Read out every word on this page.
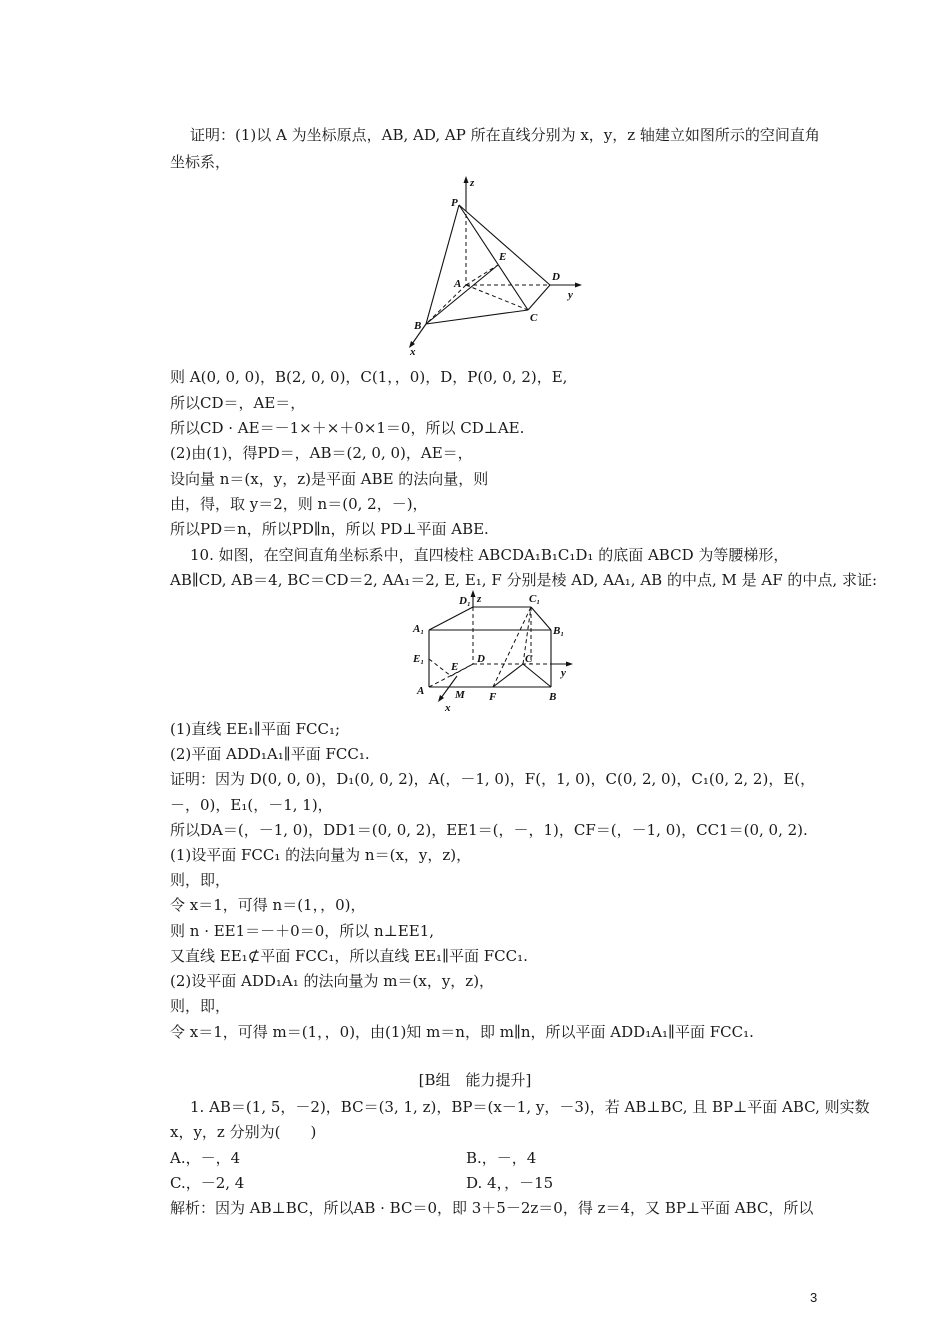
证明：(1)以 A 为坐标原点，AB, AD, AP 所在直线分别为 x，y，z 轴建立如图所示的空间直角
坐标系，
z
P
E
D
y
A
C
B
x
则 A(0, 0, 0)，B(2, 0, 0)，C(1，，0)，D，P(0, 0, 2)，E,
所以CD＝，AE＝，
所以CD · AE＝－1×＋×＋0×1＝0，所以 CD⊥AE.
(2)由(1)，得PD＝，AB＝(2, 0, 0)，AE＝，
设向量 n＝(x，y，z)是平面 ABE 的法向量，则
由，得，取 y＝2，则 n＝(0, 2，－)，
所以PD＝n，所以PD∥n，所以 PD⊥平面 ABE.
10. 如图，在空间直角坐标系中，直四棱柱 ABCDA₁B₁C₁D₁ 的底面 ABCD 为等腰梯形，
AB∥CD, AB＝4, BC＝CD＝2, AA₁＝2, E, E₁, F 分别是棱 AD, AA₁, AB 的中点, M 是 AF 的中点, 求证:
D₁ z	C₁
A₁	B₁
E₁
E
D	C
y
A	M F	B
x
(1)直线 EE₁∥平面 FCC₁;
(2)平面 ADD₁A₁∥平面 FCC₁.
证明：因为 D(0, 0, 0)，D₁(0, 0, 2)，A(，－1, 0)，F(，1, 0)，C(0, 2, 0)，C₁(0, 2, 2)，E(，
－，0)，E₁(，－1, 1)，
所以DA＝(，－1, 0)，DD1＝(0, 0, 2)，EE1＝(，－，1)，CF＝(，－1, 0)，CC1＝(0, 0, 2).
(1)设平面 FCC₁ 的法向量为 n＝(x，y，z)，
则，即，
令 x＝1，可得 n＝(1，，0)，
则 n · EE1＝－＋0＝0，所以 n⊥EE1,
又直线 EE₁⊄平面 FCC₁，所以直线 EE₁∥平面 FCC₁.
(2)设平面 ADD₁A₁ 的法向量为 m＝(x，y，z)，
则，即，
令 x＝1，可得 m＝(1，，0)，由(1)知 m＝n，即 m∥n，所以平面 ADD₁A₁∥平面 FCC₁.
[B组　能力提升]
1. AB＝(1, 5，－2)，BC＝(3, 1, z)，BP＝(x－1, y，－3)，若 AB⊥BC, 且 BP⊥平面 ABC, 则实数
x，y，z 分别为(　　)
A.，－，4	B.，－，4
C.，－2, 4	D. 4，，－15
解析：因为 AB⊥BC，所以AB · BC＝0，即 3＋5－2z＝0，得 z＝4，又 BP⊥平面 ABC，所以
3
